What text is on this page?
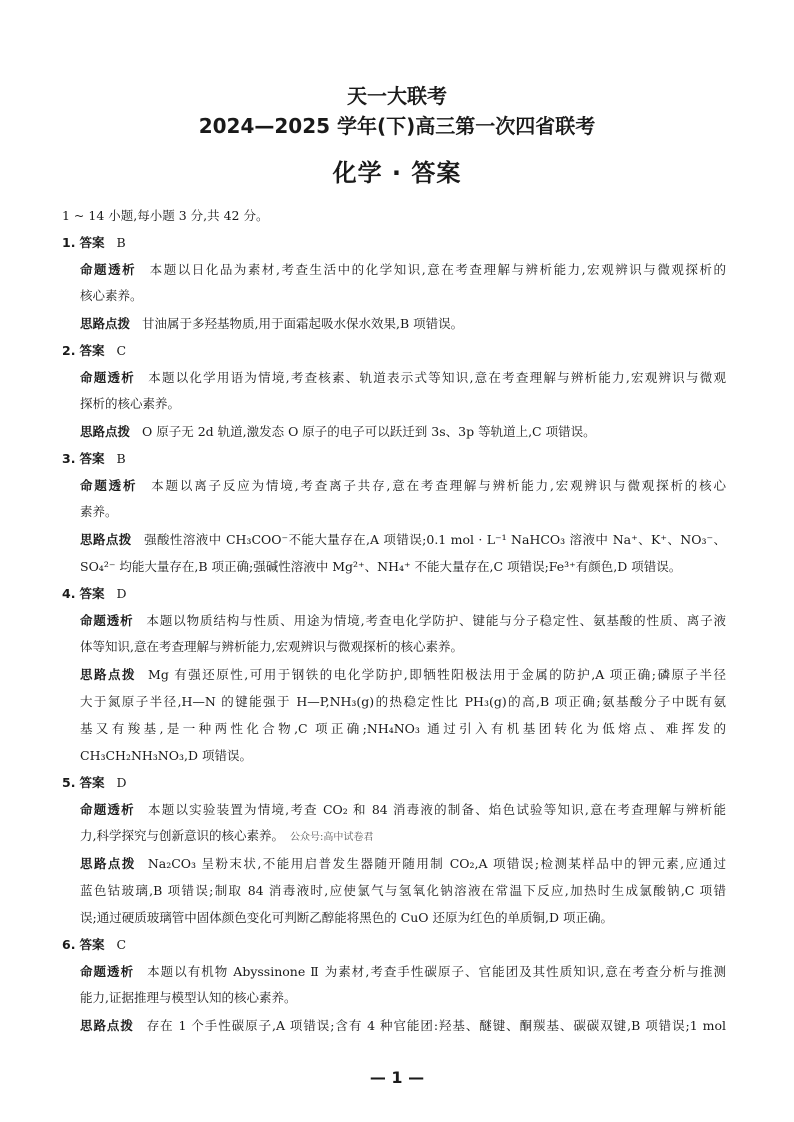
天一大联考
2024—2025 学年(下)高三第一次四省联考
化学 · 答案
1 ~ 14 小题,每小题 3 分,共 42 分。
1. 答案 B
命题透析 本题以日化品为素材,考查生活中的化学知识,意在考查理解与辨析能力,宏观辨识与微观探析的
核心素养。
思路点拨 甘油属于多羟基物质,用于面霜起吸水保水效果,B 项错误。
2. 答案 C
命题透析 本题以化学用语为情境,考查核素、轨道表示式等知识,意在考查理解与辨析能力,宏观辨识与微观
探析的核心素养。
思路点拨 O 原子无 2d 轨道,激发态 O 原子的电子可以跃迁到 3s、3p 等轨道上,C 项错误。
3. 答案 B
命题透析 本题以离子反应为情境,考查离子共存,意在考查理解与辨析能力,宏观辨识与微观探析的核心
素养。
思路点拨 强酸性溶液中 CH₃COO⁻不能大量存在,A 项错误;0.1 mol · L⁻¹ NaHCO₃ 溶液中 Na⁺、K⁺、NO₃⁻、
SO₄²⁻ 均能大量存在,B 项正确;强碱性溶液中 Mg²⁺、NH₄⁺ 不能大量存在,C 项错误;Fe³⁺有颜色,D 项错误。
4. 答案 D
命题透析 本题以物质结构与性质、用途为情境,考查电化学防护、键能与分子稳定性、氨基酸的性质、离子液
体等知识,意在考查理解与辨析能力,宏观辨识与微观探析的核心素养。
思路点拨 Mg 有强还原性,可用于钢铁的电化学防护,即牺牲阳极法用于金属的防护,A 项正确;磷原子半径
大于氮原子半径,H—N 的键能强于 H—P,NH₃(g)的热稳定性比 PH₃(g)的高,B 项正确;氨基酸分子中既有氨
基又有羧基,是一种两性化合物,C 项正确;NH₄NO₃ 通过引入有机基团转化为低熔点、难挥发的
CH₃CH₂NH₃NO₃,D 项错误。
5. 答案 D
命题透析 本题以实验装置为情境,考查 CO₂ 和 84 消毒液的制备、焰色试验等知识,意在考查理解与辨析能
力,科学探究与创新意识的核心素养。 公众号:高中试卷君
思路点拨 Na₂CO₃ 呈粉末状,不能用启普发生器随开随用制 CO₂,A 项错误;检测某样品中的钾元素,应通过
蓝色钴玻璃,B 项错误;制取 84 消毒液时,应使氯气与氢氧化钠溶液在常温下反应,加热时生成氯酸钠,C 项错
误;通过硬质玻璃管中固体颜色变化可判断乙醇能将黑色的 CuO 还原为红色的单质铜,D 项正确。
6. 答案 C
命题透析 本题以有机物 Abyssinone Ⅱ 为素材,考查手性碳原子、官能团及其性质知识,意在考查分析与推测
能力,证据推理与模型认知的核心素养。
思路点拨 存在 1 个手性碳原子,A 项错误;含有 4 种官能团:羟基、醚键、酮羰基、碳碳双键,B 项错误;1 mol
— 1 —
